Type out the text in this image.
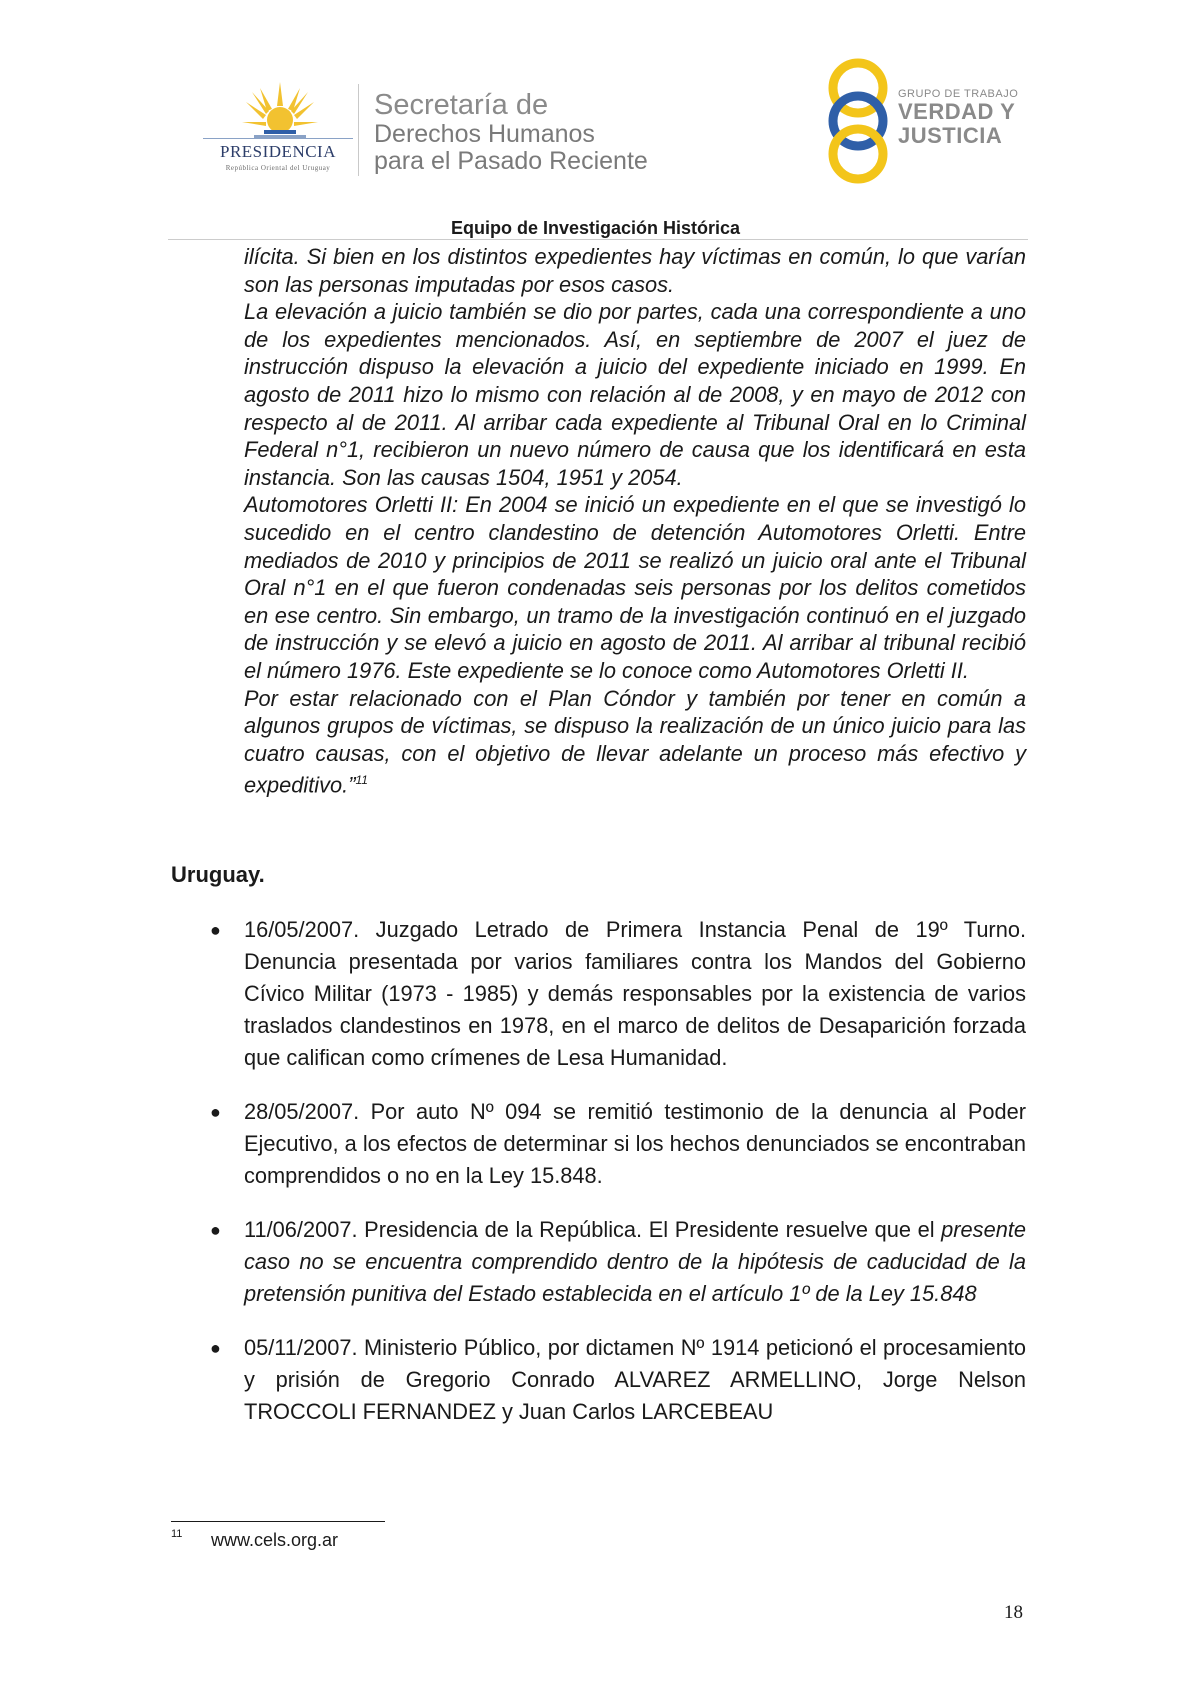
PRESIDENCIA
República Oriental del Uruguay
Secretaría de
Derechos Humanos
para el Pasado Reciente
GRUPO DE TRABAJO
VERDAD Y
JUSTICIA
Equipo de Investigación Histórica

ilícita. Si bien en los distintos expedientes hay víctimas en común, lo que varían son las personas imputadas por esos casos.

La elevación a juicio también se dio por partes, cada una correspondiente a uno de los expedientes mencionados. Así, en septiembre de 2007 el juez de instrucción dispuso la elevación a juicio del expediente iniciado en 1999. En agosto de 2011 hizo lo mismo con relación al de 2008, y en mayo de 2012 con respecto al de 2011. Al arribar cada expediente al Tribunal Oral en lo Criminal Federal n°1, recibieron un nuevo número de causa que los identificará en esta instancia. Son las causas 1504, 1951 y 2054.

Automotores Orletti II: En 2004 se inició un expediente en el que se investigó lo sucedido en el centro clandestino de detención Automotores Orletti. Entre mediados de 2010 y principios de 2011 se realizó un juicio oral ante el Tribunal Oral n°1 en el que fueron condenadas seis personas por los delitos cometidos en ese centro. Sin embargo, un tramo de la investigación continuó en el juzgado de instrucción y se elevó a juicio en agosto de 2011. Al arribar al tribunal recibió el número 1976. Este expediente se lo conoce como Automotores Orletti II.

Por estar relacionado con el Plan Cóndor y también por tener en común a algunos grupos de víctimas, se dispuso la realización de un único juicio para las cuatro causas, con el objetivo de llevar adelante un proceso más efectivo y expeditivo.”$^{11}$

Uruguay.
● 16/05/2007. Juzgado Letrado de Primera Instancia Penal de 19º Turno. Denuncia presentada por varios familiares contra los Mandos del Gobierno Cívico Militar (1973 - 1985) y demás responsables por la existencia de varios traslados clandestinos en 1978, en el marco de delitos de Desaparición forzada que califican como crímenes de Lesa Humanidad.
● 28/05/2007. Por auto Nº 094 se remitió testimonio de la denuncia al Poder Ejecutivo, a los efectos de determinar si los hechos denunciados se encontraban comprendidos o no en la Ley 15.848.
● 11/06/2007. Presidencia de la República. El Presidente resuelve que el presente caso no se encuentra comprendido dentro de la hipótesis de caducidad de la pretensión punitiva del Estado establecida en el artículo 1º de la Ley 15.848
● 05/11/2007. Ministerio Público, por dictamen Nº 1914 peticionó el procesamiento y prisión de Gregorio Conrado ALVAREZ ARMELLINO, Jorge Nelson TROCCOLI FERNANDEZ y Juan Carlos LARCEBEAU
11 www.cels.org.ar
18
